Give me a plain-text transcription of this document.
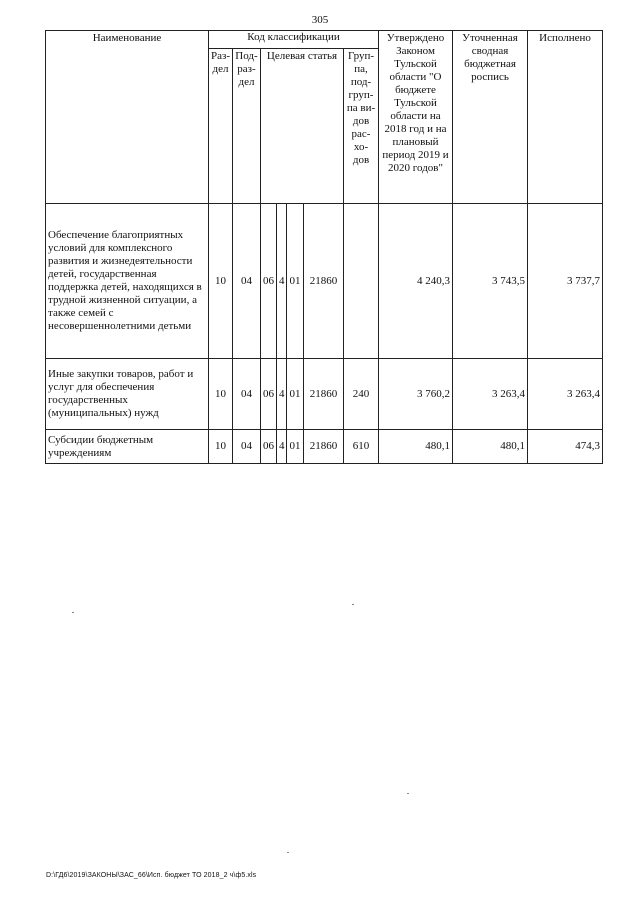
305
Наименование	Код классификации							Утверждено Законом Тульской области "О бюджете Тульской области на 2018 год и на плановый период 2019 и 2020 годов"	Уточненная сводная бюджетная роспись	Исполнено
	Раз-дел	Под-раз-дел	Целевая статья				Груп-па, под-груп-па ви-дов рас-хо-дов			
Обеспечение благоприятных условий для комплексного развития и жизнедеятельности детей, государственная поддержка детей, находящихся в трудной жизненной ситуации, а также семей с несовершеннолетними детьми	10	04	06	4	01	21860		4 240,3	3 743,5	3 737,7
Иные закупки товаров, работ и услуг для обеспечения государственных (муниципальных) нужд	10	04	06	4	01	21860	240	3 760,2	3 263,4	3 263,4
Субсидии бюджетным учреждениям	10	04	06	4	01	21860	610	480,1	480,1	474,3
D:\ГД6\2019\ЗАКОНЫ\ЗАС_66\Исп. бюджет ТО 2018_2 ч\ф5.xls
